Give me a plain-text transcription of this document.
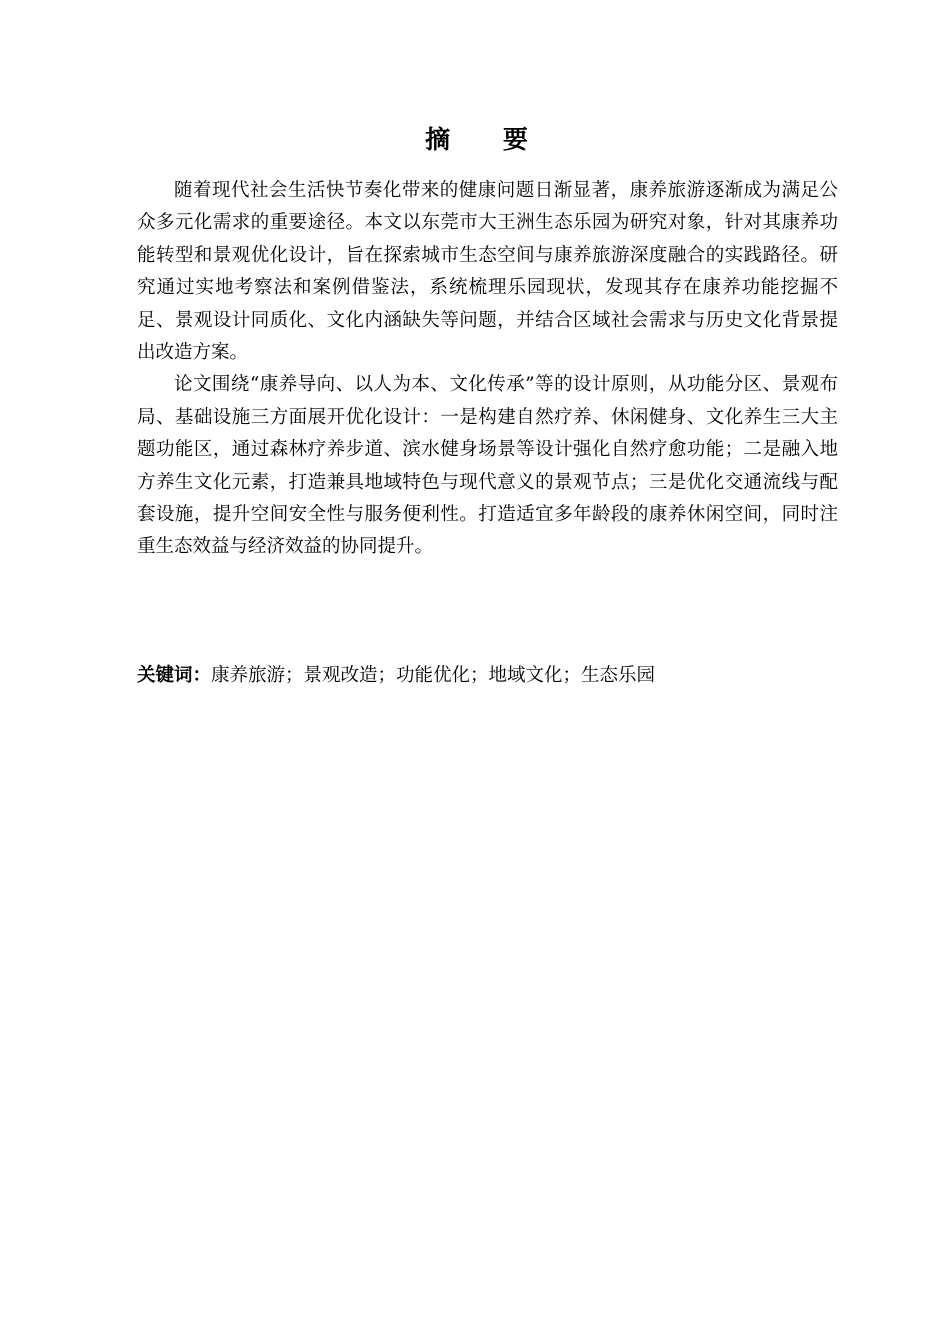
摘 要

随着现代社会生活快节奏化带来的健康问题日渐显著，康养旅游逐渐成为满足公众多元化需求的重要途径。本文以东莞市大王洲生态乐园为研究对象，针对其康养功能转型和景观优化设计，旨在探索城市生态空间与康养旅游深度融合的实践路径。研究通过实地考察法和案例借鉴法，系统梳理乐园现状，发现其存在康养功能挖掘不足、景观设计同质化、文化内涵缺失等问题，并结合区域社会需求与历史文化背景提出改造方案。

论文围绕“康养导向、以人为本、文化传承”等的设计原则，从功能分区、景观布局、基础设施三方面展开优化设计：一是构建自然疗养、休闲健身、文化养生三大主题功能区，通过森林疗养步道、滨水健身场景等设计强化自然疗愈功能；二是融入地方养生文化元素，打造兼具地域特色与现代意义的景观节点；三是优化交通流线与配套设施，提升空间安全性与服务便利性。打造适宜多年龄段的康养休闲空间，同时注重生态效益与经济效益的协同提升。

关键词：康养旅游；景观改造；功能优化；地域文化；生态乐园
